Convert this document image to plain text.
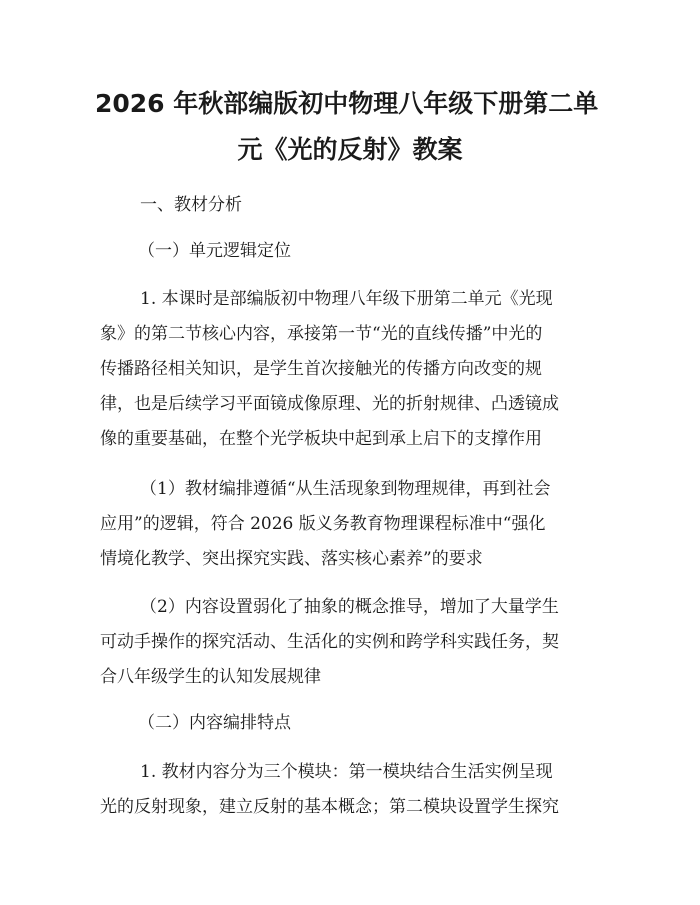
2026 年秋部编版初中物理八年级下册第二单
元《光的反射》教案
一、教材分析
（一）单元逻辑定位

1. 本课时是部编版初中物理八年级下册第二单元《光现
象》的第二节核心内容，承接第一节“光的直线传播”中光的
传播路径相关知识，是学生首次接触光的传播方向改变的规
律，也是后续学习平面镜成像原理、光的折射规律、凸透镜成
像的重要基础，在整个光学板块中起到承上启下的支撑作用

（1）教材编排遵循“从生活现象到物理规律，再到社会
应用”的逻辑，符合 2026 版义务教育物理课程标准中“强化
情境化教学、突出探究实践、落实核心素养”的要求

（2）内容设置弱化了抽象的概念推导，增加了大量学生
可动手操作的探究活动、生活化的实例和跨学科实践任务，契
合八年级学生的认知发展规律

（二）内容编排特点

1. 教材内容分为三个模块：第一模块结合生活实例呈现
光的反射现象，建立反射的基本概念；第二模块设置学生探究
